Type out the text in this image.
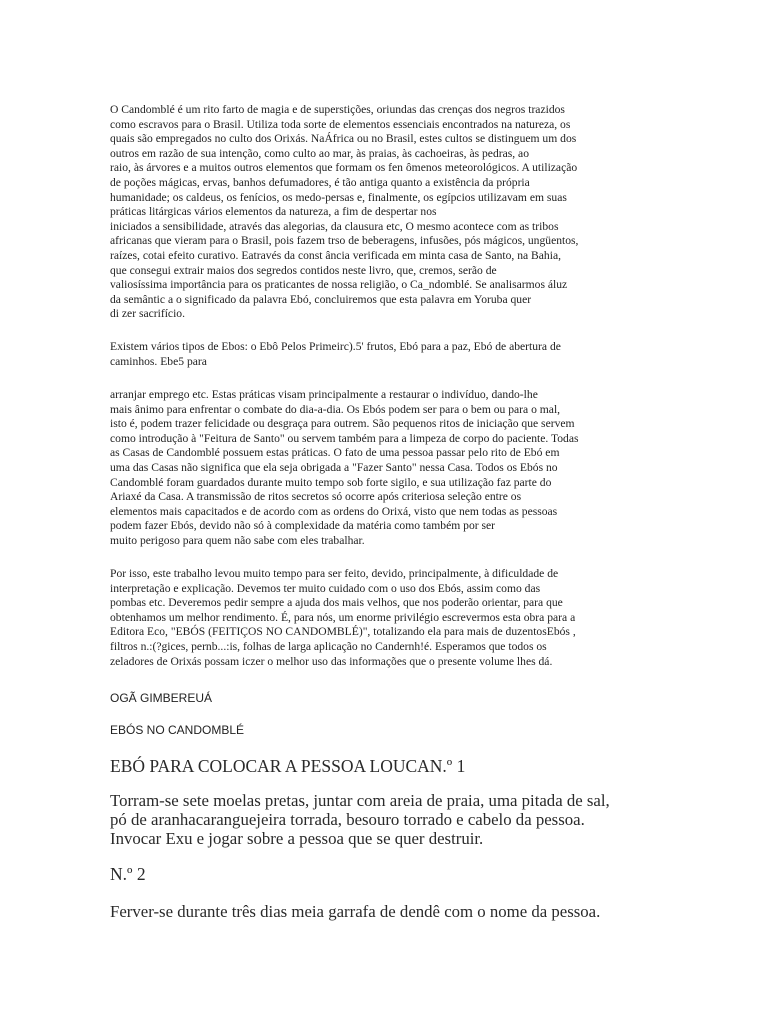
O Candomblé é um rito farto de magia e de superstições, oriundas das crenças dos negros trazidos
como escravos para o Brasil. Utiliza toda sorte de elementos essenciais encontrados na natureza, os
quais são empregados no culto dos Orixás. NaÁfrica ou no Brasil, estes cultos se distinguem um dos
outros em razão de sua intenção, como culto ao mar, às praias, às cachoeiras, às pedras, ao
raio, às árvores e a muitos outros elementos que formam os fen ômenos meteorológicos. A utilização
de poções mágicas, ervas, banhos defumadores, é tão antiga quanto a existência da própria
humanidade; os caldeus, os fenícios, os medo-persas e, finalmente, os egípcios utilizavam em suas
práticas litárgicas vários elementos da natureza, a fim de despertar nos
iniciados a sensibilidade, através das alegorias, da clausura etc, O mesmo acontece com as tribos
africanas que vieram para o Brasil, pois fazem trso de beberagens, infusões, pós mágicos, ungüentos,
raízes, cotai efeito curativo. Eatravés da const ância verificada em minta casa de Santo, na Bahia,
que consegui extrair maios dos segredos contidos neste livro, que, cremos, serão de
valiosíssima importância para os praticantes de nossa religião, o Ca_ndomblé. Se analisarmos áluz
da semântic a o significado da palavra Ebó, concluiremos que esta palavra em Yoruba quer
di zer sacrifício.
Existem vários tipos de Ebos: o Ebô Pelos Primeirc).5' frutos, Ebó para a paz, Ebó de abertura de
caminhos. Ebe5 para
arranjar emprego etc. Estas práticas visam principalmente a restaurar o indivíduo, dando-lhe
mais ânimo para enfrentar o combate do dia-a-dia. Os Ebós podem ser para o bem ou para o mal,
isto é, podem trazer felicidade ou desgraça para outrem. São pequenos ritos de iniciação que servem
como introdução à "Feitura de Santo" ou servem também para a limpeza de corpo do paciente. Todas
as Casas de Candomblé possuem estas práticas. O fato de uma pessoa passar pelo rito de Ebó em
uma das Casas não significa que ela seja obrigada a "Fazer Santo" nessa Casa. Todos os Ebós no
Candomblé foram guardados durante muito tempo sob forte sigilo, e sua utilização faz parte do
Ariaxé da Casa. A transmissão de ritos secretos só ocorre após criteriosa seleção entre os
elementos mais capacitados e de acordo com as ordens do Orixá, visto que nem todas as pessoas
podem fazer Ebós, devido não só à complexidade da matéria como também por ser
muito perigoso para quem não sabe com eles trabalhar.
Por isso, este trabalho levou muito tempo para ser feito, devido, principalmente, à dificuldade de
interpretação e explicação. Devemos ter muito cuidado com o uso dos Ebós, assim como das
pombas etc. Deveremos pedir sempre a ajuda dos mais velhos, que nos poderão orientar, para que
obtenhamos um melhor rendimento. É, para nós, um enorme privilégio escrevermos esta obra para a
Editora Eco, "EBÓS (FEITIÇOS NO CANDOMBLÉ)", totalizando ela para mais de duzentosEbós ,
filtros n.:(?gices, pernb...:is, folhas de larga aplicação no Candernh!é. Esperamos que todos os
zeladores de Orixás possam iczer o melhor uso das informações que o presente volume lhes dá.
OGÃ GIMBEREUÁ
EBÓS NO CANDOMBLÉ
EBÓ PARA COLOCAR A PESSOA LOUCAN.º 1
Torram-se sete moelas pretas, juntar com areia de praia, uma pitada de sal,
pó de aranhacaranguejeira torrada, besouro torrado e cabelo da pessoa.
Invocar Exu e jogar sobre a pessoa que se quer destruir.
N.º 2
Ferver-se durante três dias meia garrafa de dendê com o nome da pessoa.
